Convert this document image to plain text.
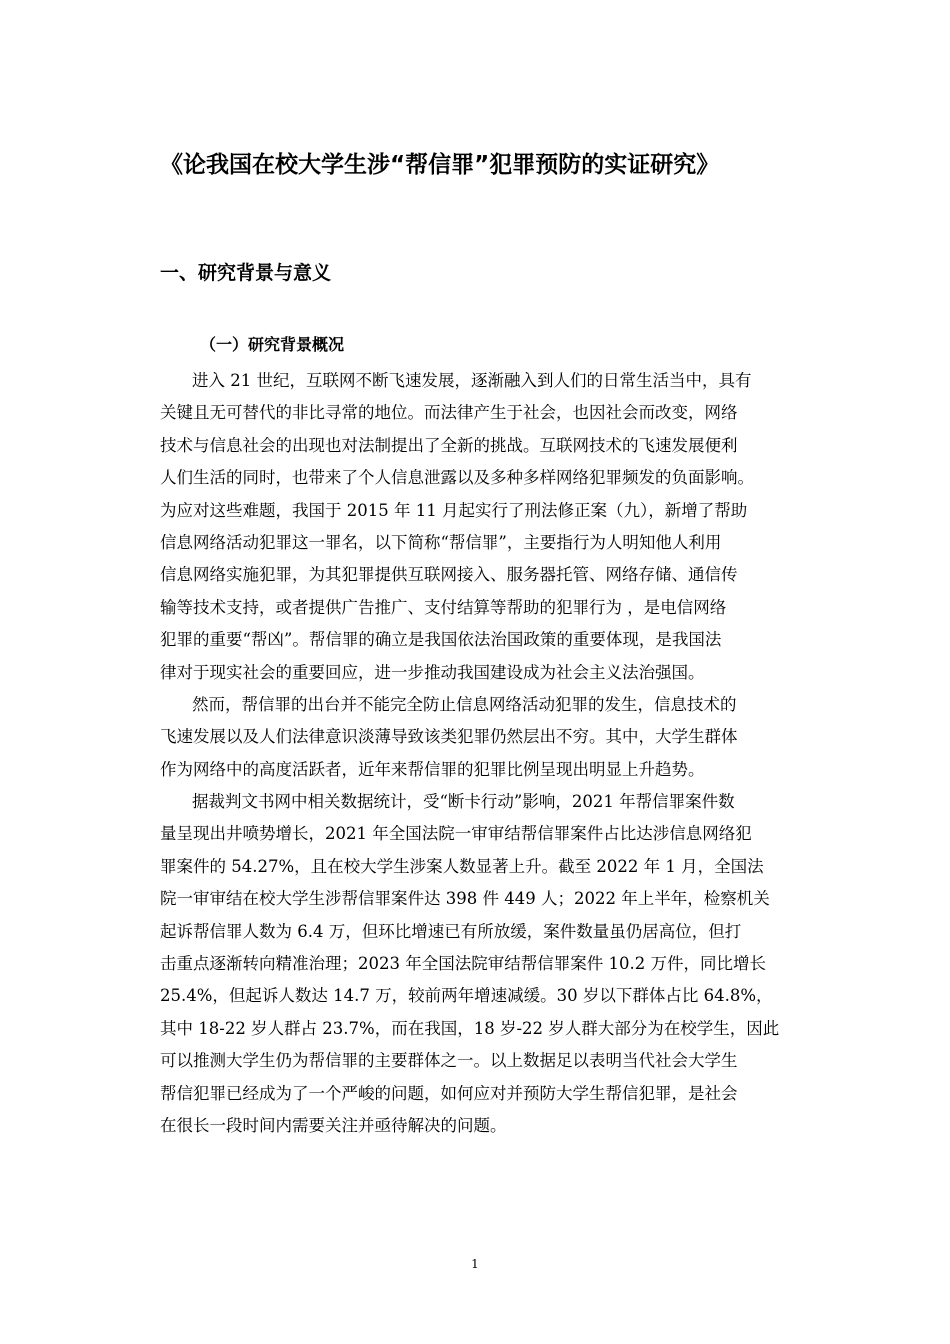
《论我国在校大学生涉“帮信罪”犯罪预防的实证研究》
一、研究背景与意义
（一）研究背景概况

进入 21 世纪，互联网不断飞速发展，逐渐融入到人们的日常生活当中，具有

关键且无可替代的非比寻常的地位。而法律产生于社会，也因社会而改变，网络

技术与信息社会的出现也对法制提出了全新的挑战。互联网技术的飞速发展便利

人们生活的同时，也带来了个人信息泄露以及多种多样网络犯罪频发的负面影响。

为应对这些难题，我国于 2015 年 11 月起实行了刑法修正案（九），新增了帮助

信息网络活动犯罪这一罪名，以下简称“帮信罪”，主要指行为人明知他人利用

信息网络实施犯罪，为其犯罪提供互联网接入、服务器托管、网络存储、通信传

输等技术支持，或者提供广告推广、支付结算等帮助的犯罪行为 ，是电信网络

犯罪的重要“帮凶”。帮信罪的确立是我国依法治国政策的重要体现，是我国法

律对于现实社会的重要回应，进一步推动我国建设成为社会主义法治强国。

然而，帮信罪的出台并不能完全防止信息网络活动犯罪的发生，信息技术的

飞速发展以及人们法律意识淡薄导致该类犯罪仍然层出不穷。其中，大学生群体

作为网络中的高度活跃者，近年来帮信罪的犯罪比例呈现出明显上升趋势。

据裁判文书网中相关数据统计，受“断卡行动”影响，2021 年帮信罪案件数

量呈现出井喷势增长，2021 年全国法院一审审结帮信罪案件占比达涉信息网络犯

罪案件的 54.27%，且在校大学生涉案人数显著上升。截至 2022 年 1 月，全国法

院一审审结在校大学生涉帮信罪案件达 398 件 449 人；2022 年上半年，检察机关

起诉帮信罪人数为 6.4 万，但环比增速已有所放缓，案件数量虽仍居高位，但打

击重点逐渐转向精准治理；2023 年全国法院审结帮信罪案件 10.2 万件，同比增长

25.4%，但起诉人数达 14.7 万，较前两年增速减缓。30 岁以下群体占比 64.8%，

其中 18-22 岁人群占 23.7%，而在我国，18 岁-22 岁人群大部分为在校学生，因此

可以推测大学生仍为帮信罪的主要群体之一。以上数据足以表明当代社会大学生

帮信犯罪已经成为了一个严峻的问题，如何应对并预防大学生帮信犯罪，是社会

在很长一段时间内需要关注并亟待解决的问题。

1
